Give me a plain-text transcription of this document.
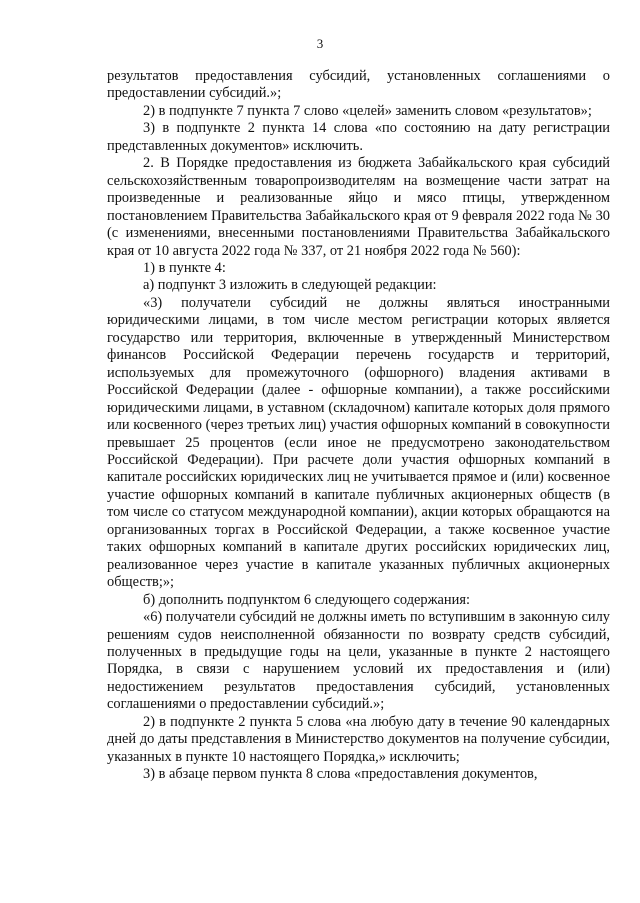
3

результатов предоставления субсидий, установленных соглашениями о предоставлении субсидий.»;

2) в подпункте 7 пункта 7 слово «целей» заменить словом «результатов»;

3) в подпункте 2 пункта 14 слова «по состоянию на дату регистрации представленных документов» исключить.

2. В Порядке предоставления из бюджета Забайкальского края субсидий сельскохозяйственным товаропроизводителям на возмещение части затрат на произведенные и реализованные яйцо и мясо птицы, утвержденном постановлением Правительства Забайкальского края от 9 февраля 2022 года № 30 (с изменениями, внесенными постановлениями Правительства Забайкальского края от 10 августа 2022 года № 337, от 21 ноября 2022 года № 560):

1) в пункте 4:

а) подпункт 3 изложить в следующей редакции:

«3) получатели субсидий не должны являться иностранными юридическими лицами, в том числе местом регистрации которых является государство или территория, включенные в утвержденный Министерством финансов Российской Федерации перечень государств и территорий, используемых для промежуточного (офшорного) владения активами в Российской Федерации (далее - офшорные компании), а также российскими юридическими лицами, в уставном (складочном) капитале которых доля прямого или косвенного (через третьих лиц) участия офшорных компаний в совокупности превышает 25 процентов (если иное не предусмотрено законодательством Российской Федерации). При расчете доли участия офшорных компаний в капитале российских юридических лиц не учитывается прямое и (или) косвенное участие офшорных компаний в капитале публичных акционерных обществ (в том числе со статусом международной компании), акции которых обращаются на организованных торгах в Российской Федерации, а также косвенное участие таких офшорных компаний в капитале других российских юридических лиц, реализованное через участие в капитале указанных публичных акционерных обществ;»;

б) дополнить подпунктом 6 следующего содержания:

«6) получатели субсидий не должны иметь по вступившим в законную силу решениям судов неисполненной обязанности по возврату средств субсидий, полученных в предыдущие годы на цели, указанные в пункте 2 настоящего Порядка, в связи с нарушением условий их предоставления и (или) недостижением результатов предоставления субсидий, установленных соглашениями о предоставлении субсидий.»;

2) в подпункте 2 пункта 5 слова «на любую дату в течение 90 календарных дней до даты представления в Министерство документов на получение субсидии, указанных в пункте 10 настоящего Порядка,» исключить;

3) в абзаце первом пункта 8 слова «предоставления документов,
